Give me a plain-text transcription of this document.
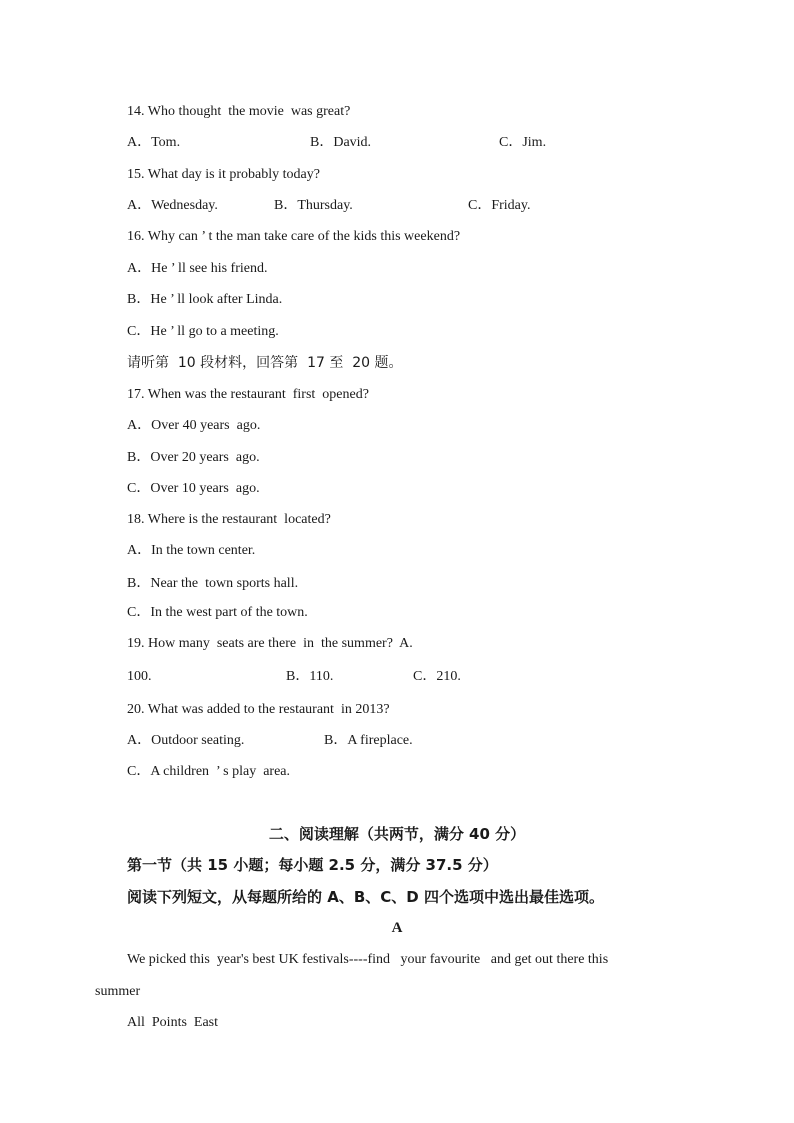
14. Who thought  the movie  was great?
A．Tom.	B．David.	C．Jim.
15. What day is it probably today?
A．Wednesday.	B．Thursday.	C．Friday.
16. Why can ’ t the man take care of the kids this weekend?
A．He ’ ll see his friend.
B．He ’ ll look after Linda.
C．He ’ ll go to a meeting.
请听第  10 段材料，回答第  17 至  20 题。
17. When was the restaurant  first  opened?
A．Over 40 years  ago.
B．Over 20 years  ago.
C．Over 10 years  ago.
18. Where is the restaurant  located?
A．In the town center.
B．Near the  town sports hall.
C．In the west part of the town.
19. How many  seats are there  in  the summer?  A.
100.	B．110.	C．210.
20. What was added to the restaurant  in 2013?
A．Outdoor seating.	B．A fireplace.
C．A children  ’ s play  area.
二、阅读理解（共两节，满分 40 分）
第一节（共 15 小题；每小题 2.5 分，满分 37.5 分）
阅读下列短文，从每题所给的 A、B、C、D 四个选项中选出最佳选项。
A
We picked this  year's best UK festivals----find   your favourite   and get out there this
summer
All  Points  East
